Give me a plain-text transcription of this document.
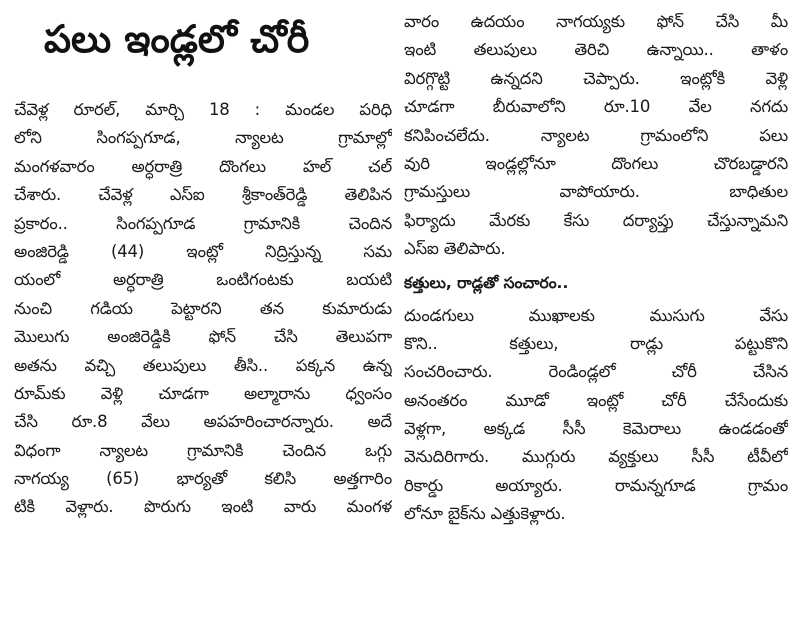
పలు ఇండ్లలో చోరీ
చేవెళ్ల రూరల్, మార్చి 18 : మండల పరిధి
లోని సింగప్పగూడ, న్యాలట గ్రామాల్లో
మంగళవారం అర్ధరాత్రి దొంగలు హల్ చల్
చేశారు. చేవెళ్ల ఎస్ఐ శ్రీకాంత్‌రెడ్డి తెలిపిన
ప్రకారం.. సింగప్పగూడ గ్రామానికి చెందిన
అంజిరెడ్డి (44) ఇంట్లో నిద్రిస్తున్న సమ
యంలో అర్ధరాత్రి ఒంటిగంటకు బయటి
నుంచి గడియ పెట్టారని తన కుమారుడు
మొలుగు అంజిరెడ్డికి ఫోన్ చేసి తెలుపగా
అతను వచ్చి తలుపులు తీసి.. పక్కన ఉన్న
రూమ్‌కు వెళ్లి చూడగా అల్మారాను ధ్వంసం
చేసి రూ.8 వేలు అపహరించారన్నారు. అదే
విధంగా న్యాలట గ్రామానికి చెందిన ఒగ్గు
నాగయ్య (65) భార్యతో కలిసి అత్తగారిం
టికి వెళ్లారు. పొరుగు ఇంటి వారు మంగళ
వారం ఉదయం నాగయ్యకు ఫోన్ చేసి మీ
ఇంటి తలుపులు తెరిచి ఉన్నాయి.. తాళం
విరగ్గొట్టి ఉన్నదని చెప్పారు. ఇంట్లోకి వెళ్లి
చూడగా బీరువాలోని రూ.10 వేల నగదు
కనిపించలేదు. న్యాలట గ్రామంలోని పలు
వురి ఇండ్లల్లోనూ దొంగలు చొరబడ్డారని
గ్రామస్తులు వాపోయారు. బాధితుల
ఫిర్యాదు మేరకు కేసు దర్యాప్తు చేస్తున్నామని
ఎస్ఐ తెలిపారు.
కత్తులు, రాడ్లతో సంచారం..
దుండగులు ముఖాలకు ముసుగు వేసు
కొని.. కత్తులు, రాడ్లు పట్టుకొని
సంచరించారు. రెండిండ్లలో చోరీ చేసిన
అనంతరం మూడో ఇంట్లో చోరీ చేసేందుకు
వెళ్లగా, అక్కడ సీసీ కెమెరాలు ఉండడంతో
వెనుదిరిగారు. ముగ్గురు వ్యక్తులు సీసీ టీవీలో
రికార్డు అయ్యారు. రామన్నగూడ గ్రామం
లోనూ బైక్‌ను ఎత్తుకెళ్లారు.
